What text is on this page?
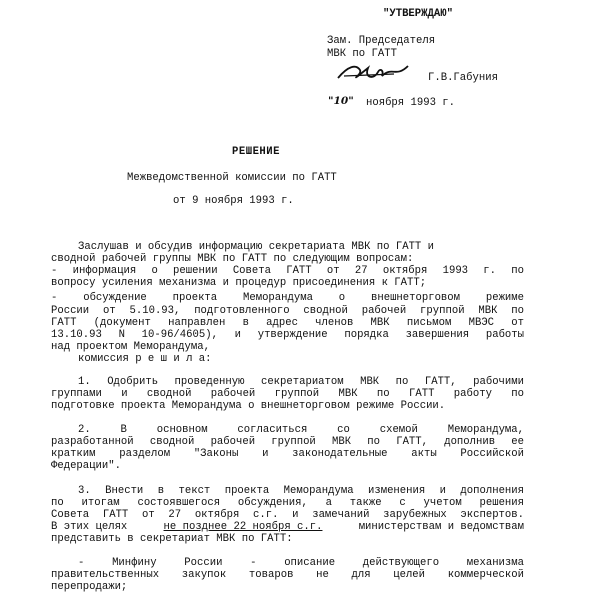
"УТВЕРЖДАЮ"
Зам. Председателя
МВК по ГАТТ
Г.В.Габуния
"10" ноября 1993 г.
РЕШЕНИЕ
Межведомственной комиссии по ГАТТ
от 9 ноября 1993 г.
Заслушав и обсудив информацию секретариата МВК по ГАТТ и
сводной рабочей группы МВК по ГАТТ по следующим вопросам:
- информация о решении Совета ГАТТ от 27 октября 1993 г. по
вопросу усиления механизма и процедур присоединения к ГАТТ;
- обсуждение проекта Меморандума о внешнеторговом режиме
России от 5.10.93, подготовленного сводной рабочей группой МВК по
ГАТТ (документ направлен в адрес членов МВК письмом МВЭС от
13.10.93 N 10-96/4605), и утверждение порядка завершения работы
над проектом Меморандума,
комиссия р е ш и л а:
1. Одобрить проведенную секретариатом МВК по ГАТТ, рабочими
группами и сводной рабочей группой МВК по ГАТТ работу по
подготовке проекта Меморандума о внешнеторговом режиме России.
2. В основном согласиться со схемой Меморандума,
разработанной сводной рабочей группой МВК по ГАТТ, дополнив ее
кратким разделом "Законы и законодательные акты Российской
Федерации".
3. Внести в текст проекта Меморандума изменения и дополнения
по итогам состоявшегося обсуждения, а также с учетом решения
Совета ГАТТ от 27 октября с.г. и замечаний зарубежных экспертов.
В этих целях	не позднее 22 ноября с.г.	министерствам и ведомствам
представить в секретариат МВК по ГАТТ:
- Минфину России - описание действующего механизма
правительственных закупок товаров не для целей коммерческой
перепродажи;
